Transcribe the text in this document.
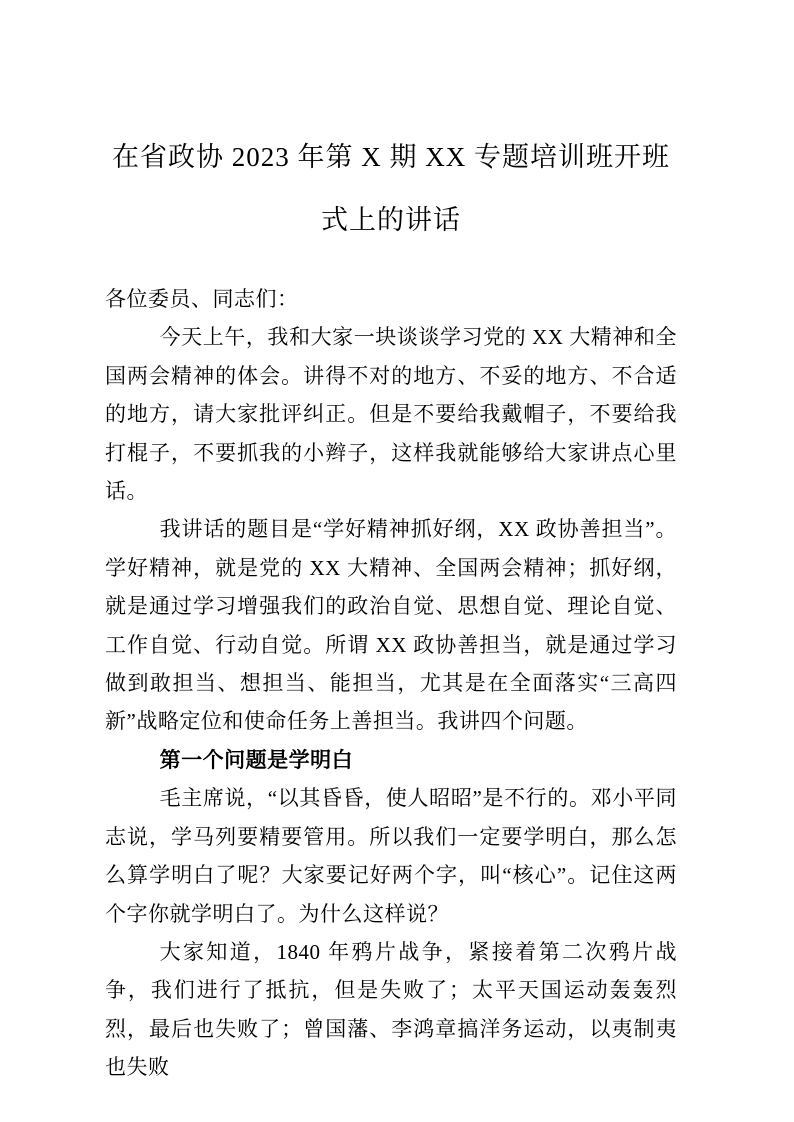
在省政协 2023 年第 X 期 XX 专题培训班开班式上的讲话

各位委员、同志们：

今天上午，我和大家一块谈谈学习党的 XX 大精神和全国两会精神的体会。讲得不对的地方、不妥的地方、不合适的地方，请大家批评纠正。但是不要给我戴帽子，不要给我打棍子，不要抓我的小辫子，这样我就能够给大家讲点心里话。

我讲话的题目是“学好精神抓好纲，XX 政协善担当”。学好精神，就是党的 XX 大精神、全国两会精神；抓好纲，就是通过学习增强我们的政治自觉、思想自觉、理论自觉、 工作自觉、行动自觉。所谓 XX 政协善担当，就是通过学习做到敢担当、想担当、能担当，尤其是在全面落实“三高四新”战略定位和使命任务上善担当。我讲四个问题。

第一个问题是学明白

毛主席说，“以其昏昏，使人昭昭”是不行的。邓小平同志说，学马列要精要管用。所以我们一定要学明白，那么怎么算学明白了呢？大家要记好两个字，叫“核心”。记住这两个字你就学明白了。为什么这样说？

大家知道，1840 年鸦片战争，紧接着第二次鸦片战争，我们进行了抵抗，但是失败了；太平天国运动轰轰烈烈，最后也失败了；曾国藩、李鸿章搞洋务运动，以夷制夷也失败
